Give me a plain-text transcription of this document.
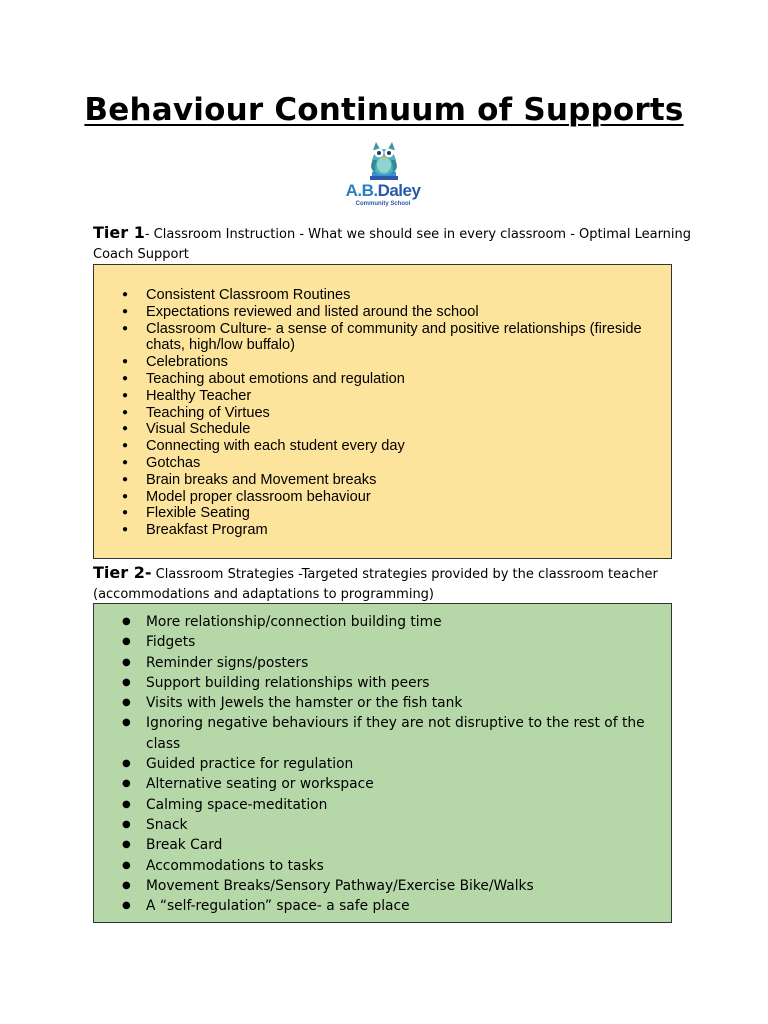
Behaviour Continuum of Supports
A.B.Daley
Community School
Tier 1- Classroom Instruction - What we should see in every classroom - Optimal Learning Coach Support
● Consistent Classroom Routines
● Expectations reviewed and listed around the school
● Classroom Culture- a sense of community and positive relationships (fireside chats, high/low buffalo)
● Celebrations
● Teaching about emotions and regulation
● Healthy Teacher
● Teaching of Virtues
● Visual Schedule
● Connecting with each student every day
● Gotchas
● Brain breaks and Movement breaks
● Model proper classroom behaviour
● Flexible Seating
● Breakfast Program
Tier 2- Classroom Strategies -Targeted strategies provided by the classroom teacher (accommodations and adaptations to programming)
● More relationship/connection building time
● Fidgets
● Reminder signs/posters
● Support building relationships with peers
● Visits with Jewels the hamster or the fish tank
● Ignoring negative behaviours if they are not disruptive to the rest of the class
● Guided practice for regulation
● Alternative seating or workspace
● Calming space-meditation
● Snack
● Break Card
● Accommodations to tasks
● Movement Breaks/Sensory Pathway/Exercise Bike/Walks
● A “self-regulation” space- a safe place
